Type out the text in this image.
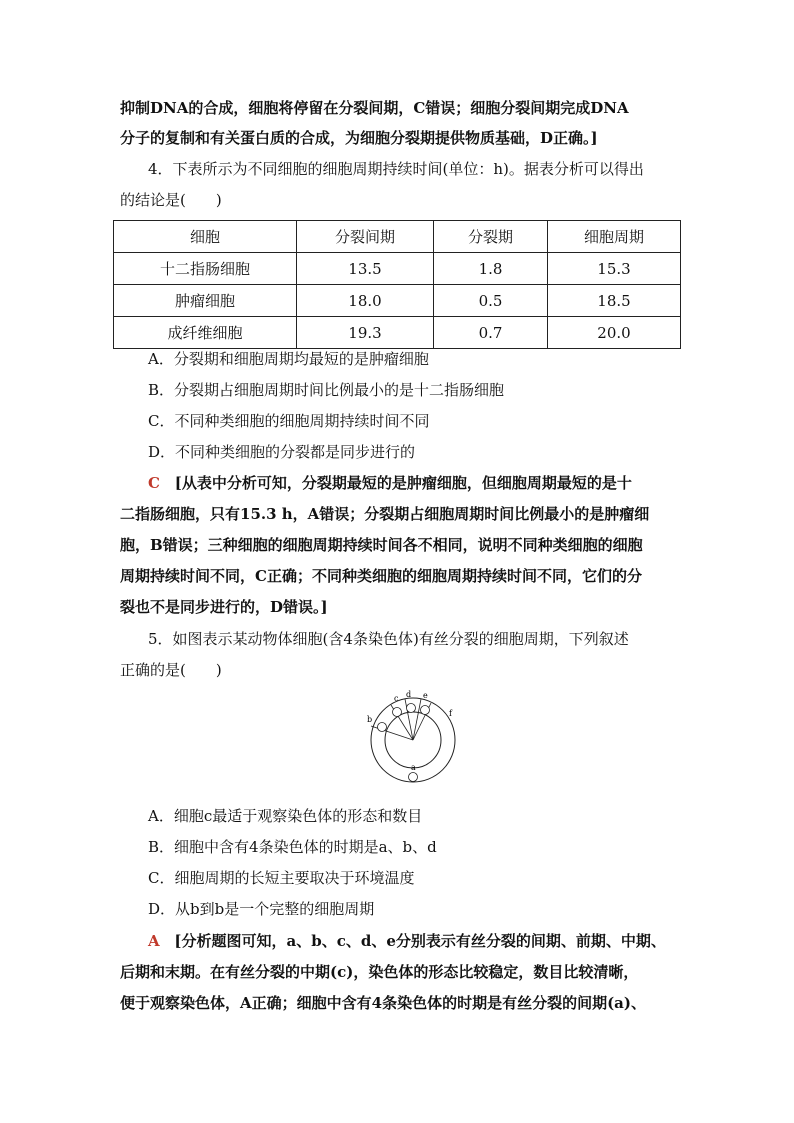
抑制DNA的合成，细胞将停留在分裂间期，C错误；细胞分裂间期完成DNA
分子的复制和有关蛋白质的合成，为细胞分裂期提供物质基础，D正确。]
4．下表所示为不同细胞的细胞周期持续时间(单位：h)。据表分析可以得出
的结论是(　　)
细胞	分裂间期	分裂期	细胞周期
十二指肠细胞	13.5	1.8	15.3
肿瘤细胞	18.0	0.5	18.5
成纤维细胞	19.3	0.7	20.0
A．分裂期和细胞周期均最短的是肿瘤细胞
B．分裂期占细胞周期时间比例最小的是十二指肠细胞
C．不同种类细胞的细胞周期持续时间不同
D．不同种类细胞的分裂都是同步进行的
C [从表中分析可知，分裂期最短的是肿瘤细胞，但细胞周期最短的是十
二指肠细胞，只有15.3 h，A错误；分裂期占细胞周期时间比例最小的是肿瘤细
胞，B错误；三种细胞的细胞周期持续时间各不相同，说明不同种类细胞的细胞
周期持续时间不同，C正确；不同种类细胞的细胞周期持续时间不同，它们的分
裂也不是同步进行的，D错误。]
5．如图表示某动物体细胞(含4条染色体)有丝分裂的细胞周期，下列叙述
正确的是(　　)
b
c d e
f
a
A．细胞c最适于观察染色体的形态和数目
B．细胞中含有4条染色体的时期是a、b、d
C．细胞周期的长短主要取决于环境温度
D．从b到b是一个完整的细胞周期
A [分析题图可知，a、b、c、d、e分别表示有丝分裂的间期、前期、中期、
后期和末期。在有丝分裂的中期(c)，染色体的形态比较稳定，数目比较清晰，
便于观察染色体，A正确；细胞中含有4条染色体的时期是有丝分裂的间期(a)、
